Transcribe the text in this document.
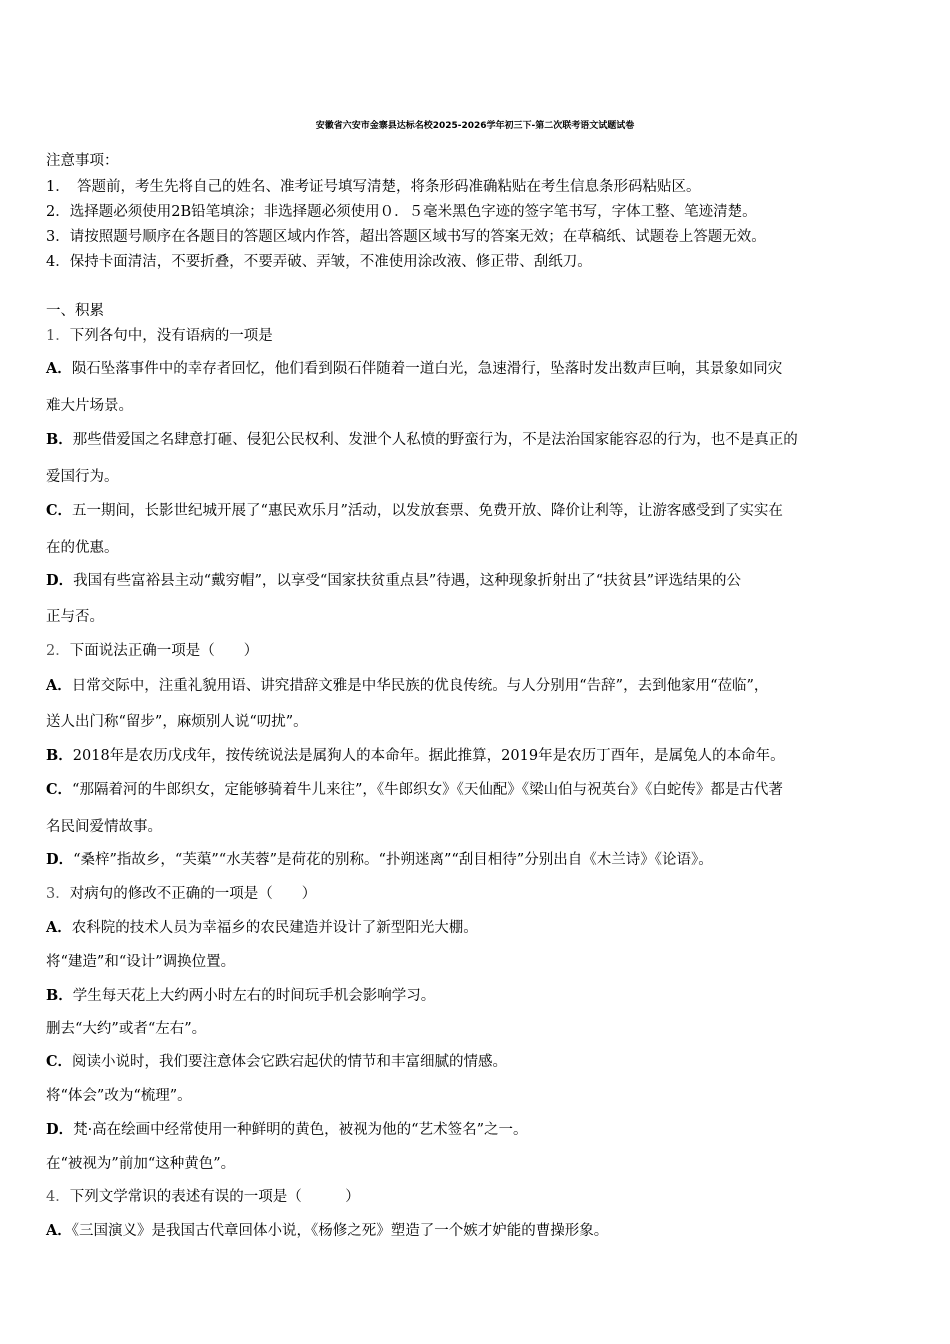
安徽省六安市金寨县达标名校2025-2026学年初三下-第二次联考语文试题试卷
注意事项：
1．　答题前，考生先将自己的姓名、准考证号填写清楚，将条形码准确粘贴在考生信息条形码粘贴区。
2．选择题必须使用2B铅笔填涂；非选择题必须使用０．５毫米黑色字迹的签字笔书写，字体工整、笔迹清楚。
3．请按照题号顺序在各题目的答题区域内作答，超出答题区域书写的答案无效；在草稿纸、试题卷上答题无效。
4．保持卡面清洁，不要折叠，不要弄破、弄皱，不准使用涂改液、修正带、刮纸刀。
一、积累
1．下列各句中，没有语病的一项是
A．陨石坠落事件中的幸存者回忆，他们看到陨石伴随着一道白光，急速滑行，坠落时发出数声巨响，其景象如同灾
难大片场景。
B．那些借爱国之名肆意打砸、侵犯公民权利、发泄个人私愤的野蛮行为，不是法治国家能容忍的行为，也不是真正的
爱国行为。
C．五一期间，长影世纪城开展了“惠民欢乐月”活动，以发放套票、免费开放、降价让利等，让游客感受到了实实在
在的优惠。
D．我国有些富裕县主动“戴穷帽”，以享受“国家扶贫重点县”待遇，这种现象折射出了“扶贫县”评选结果的公
正与否。
2．下面说法正确一项是（　　）
A．日常交际中，注重礼貌用语、讲究措辞文雅是中华民族的优良传统。与人分别用“告辞”，去到他家用“莅临”，
送人出门称“留步”，麻烦别人说“叨扰”。
B．2018年是农历戊戌年，按传统说法是属狗人的本命年。据此推算，2019年是农历丁酉年，是属兔人的本命年。
C．“那隔着河的牛郎织女，定能够骑着牛儿来往”，《牛郎织女》《天仙配》《梁山伯与祝英台》《白蛇传》都是古代著
名民间爱情故事。
D．“桑梓”指故乡，“芙蕖”“水芙蓉”是荷花的别称。“扑朔迷离”“刮目相待”分别出自《木兰诗》《论语》。
3．对病句的修改不正确的一项是（　　）
A．农科院的技术人员为幸福乡的农民建造并设计了新型阳光大棚。
将“建造”和“设计”调换位置。
B．学生每天花上大约两小时左右的时间玩手机会影响学习。
删去“大约”或者“左右”。
C．阅读小说时，我们要注意体会它跌宕起伏的情节和丰富细腻的情感。
将“体会”改为“梳理”。
D．梵·高在绘画中经常使用一种鲜明的黄色，被视为他的“艺术签名”之一。
在“被视为”前加“这种黄色”。
4．下列文学常识的表述有误的一项是（　　　）
A．《三国演义》是我国古代章回体小说，《杨修之死》塑造了一个嫉才妒能的曹操形象。
